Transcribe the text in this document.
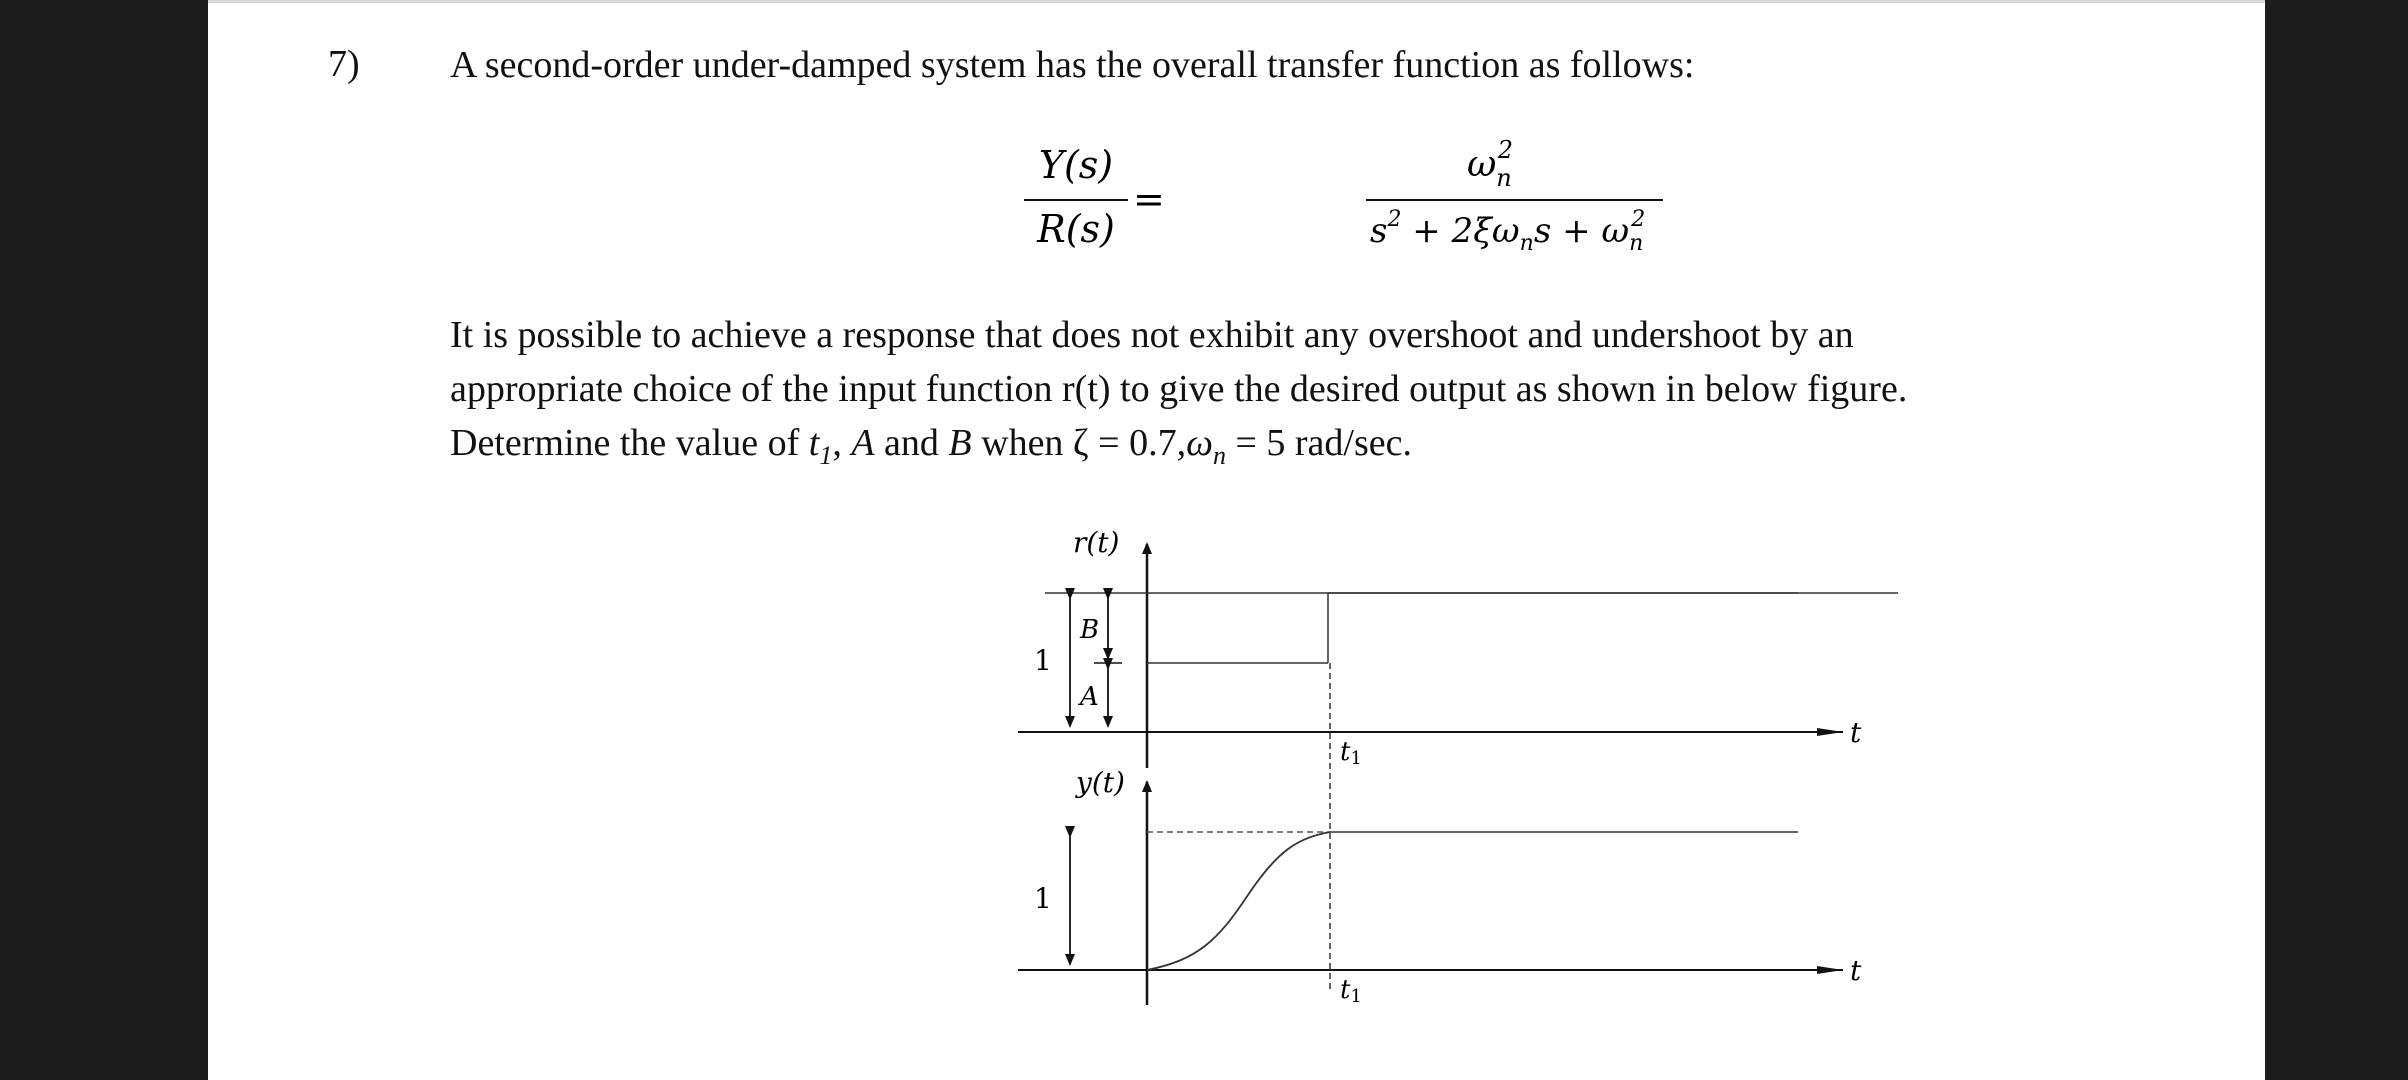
7) A second-order under-damped system has the overall transfer function as follows:
Y(s)
R(s)
=
$\omega_n2$
$s^2 + 2\xi\omega_ns + \omega_n2$
It is possible to achieve a response that does not exhibit any overshoot and undershoot by an
appropriate choice of the input function r(t) to give the desired output as shown in below figure.
Determine the value of $t_1$, A and B when $\zeta = 0.7,\omega_n = 5$ rad/sec.
r(t)
t
1
B
A
t1
y(t)
t
1
t1
